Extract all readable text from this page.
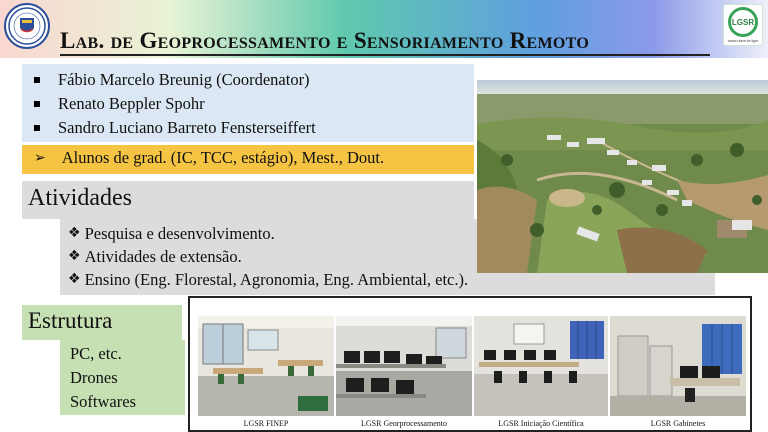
LGSR
www.ufsm.br/lgsr
Lab. de Geoprocessamento e Sensoriamento Remoto
Fábio Marcelo Breunig (Coordenator)
Renato Beppler Spohr
Sandro Luciano Barreto Fensterseiffert
➢ Alunos de grad. (IC, TCC, estágio), Mest., Dout.
Atividades
❖ Pesquisa e desenvolvimento.
❖ Atividades de extensão.
❖ Ensino (Eng. Florestal, Agronomia, Eng. Ambiental, etc.).
Estrutura
PC, etc.
Drones
Softwares
LGSR FINEP	LGSR Georprocessamento	LGSR Iniciação Científica	LGSR Gabinetes
